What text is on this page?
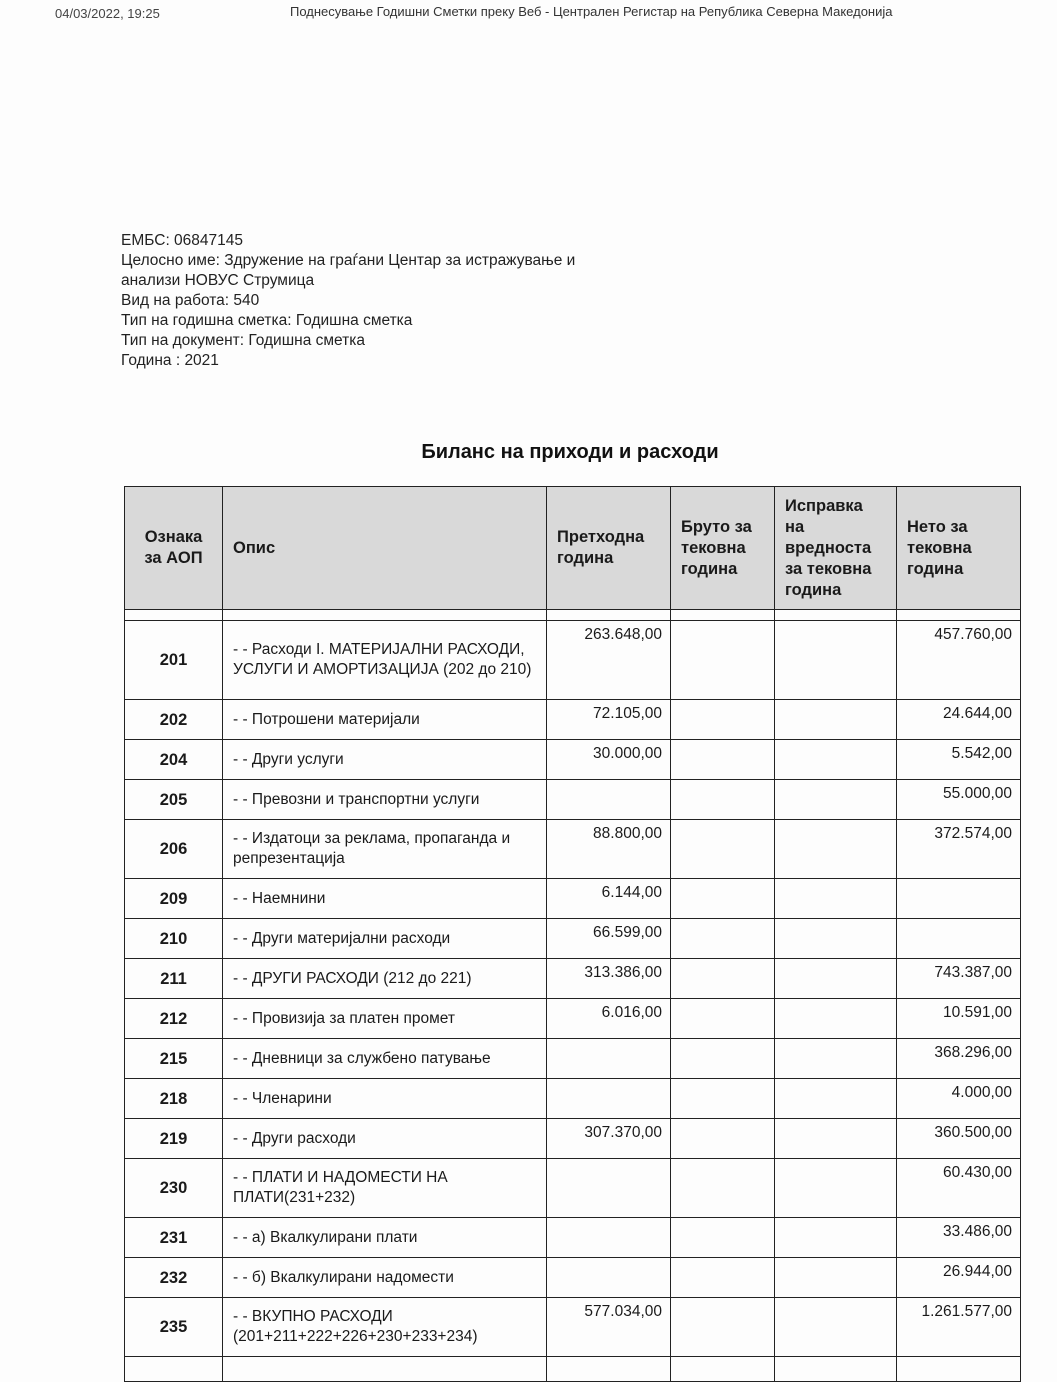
04/03/2022, 19:25	Поднесување Годишни Сметки преку Веб - Централен Регистар на Република Северна Македонија
ЕМБС: 06847145
Целосно име: Здружение на граѓани Центар за истражување и
анализи НОВУС Струмица
Вид на работа: 540
Тип на годишна сметка: Годишна сметка
Тип на документ: Годишна сметка
Година : 2021
Биланс на приходи и расходи
Ознака за АОП	Опис	Претходна година	Бруто за тековна година	Исправка на вредноста за тековна година	Нето за тековна година

201	- - Расходи I. МАТЕРИЈАЛНИ РАСХОДИ, УСЛУГИ И АМОРТИЗАЦИЈА (202 до 210)	263.648,00			457.760,00
202	- - Потрошени материјали	72.105,00			24.644,00
204	- - Други услуги	30.000,00			5.542,00
205	- - Превозни и транспортни услуги				55.000,00
206	- - Издатоци за реклама, пропаганда и репрезентација	88.800,00			372.574,00
209	- - Наемнини	6.144,00			
210	- - Други материјални расходи	66.599,00			
211	- - ДРУГИ РАСХОДИ (212 до 221)	313.386,00			743.387,00
212	- - Провизија за платен промет	6.016,00			10.591,00
215	- - Дневници за службено патување				368.296,00
218	- - Членарини				4.000,00
219	- - Други расходи	307.370,00			360.500,00
230	- - ПЛАТИ И НАДОМЕСТИ НА ПЛАТИ(231+232)				60.430,00
231	- - а) Вкалкулирани плати				33.486,00
232	- - б) Вкалкулирани надомести				26.944,00
235	- - ВКУПНО РАСХОДИ (201+211+222+226+230+233+234)	577.034,00			1.261.577,00
